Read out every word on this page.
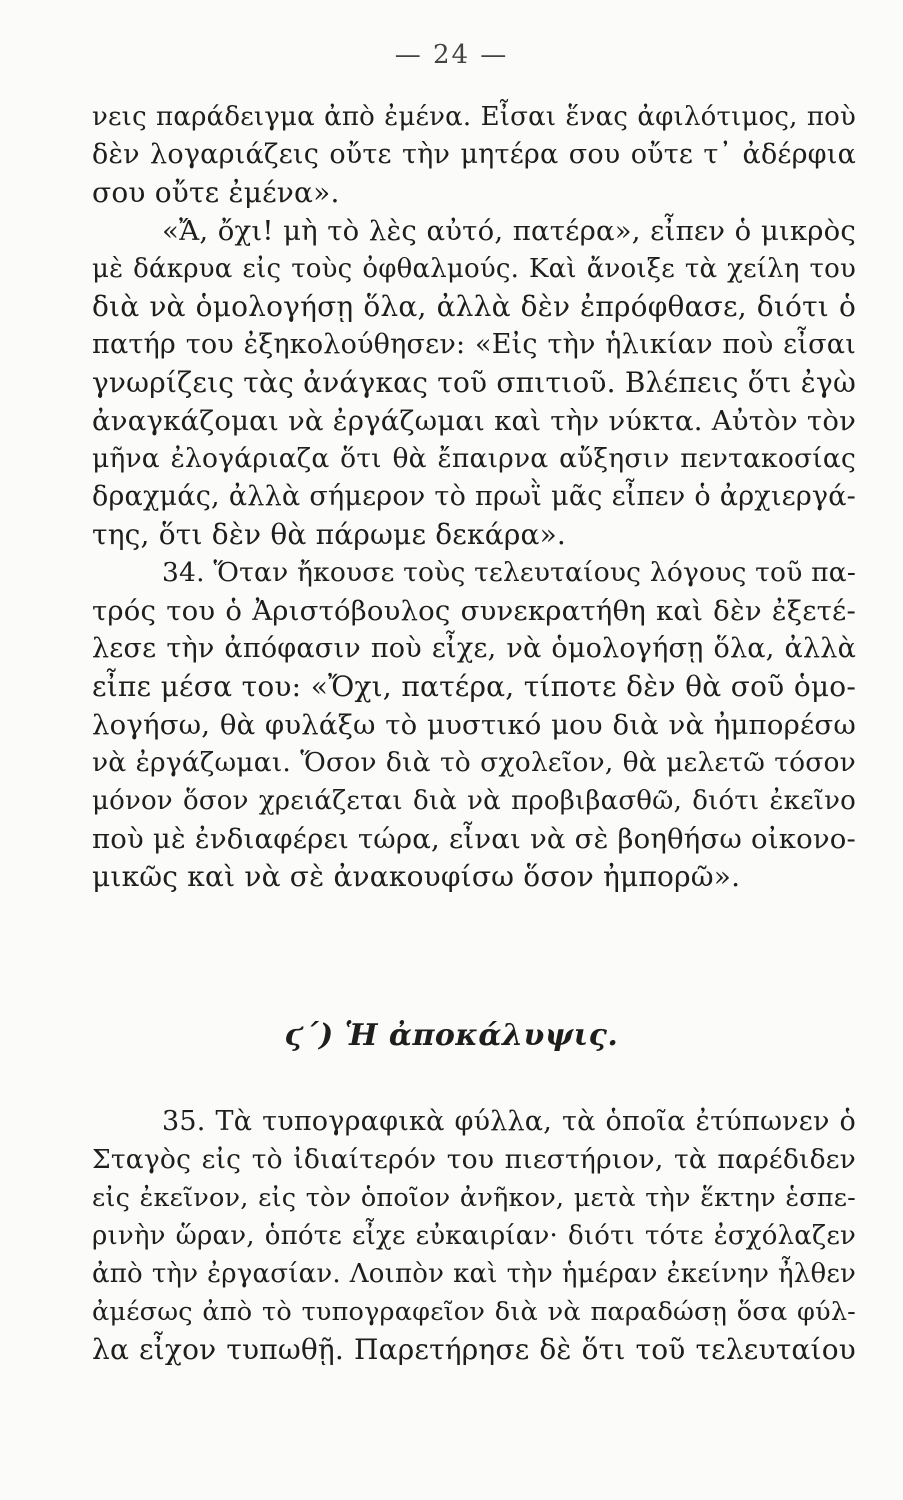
— 24 —
νεις παράδειγμα ἀπὸ ἐμένα. Εἶσαι ἕνας ἀφιλότιμος, ποὺ
δὲν λογαριάζεις οὔτε τὴν μητέρα σου οὔτε τ᾽ ἀδέρφια
σου οὔτε ἐμένα».
«Ἄ, ὄχι! μὴ τὸ λὲς αὐτό, πατέρα», εἶπεν ὁ μικρὸς
μὲ δάκρυα εἰς τοὺς ὀφθαλμούς. Καὶ ἄνοιξε τὰ χείλη του
διὰ νὰ ὁμολογήσῃ ὅλα, ἀλλὰ δὲν ἐπρόφθασε, διότι ὁ
πατήρ του ἐξηκολούθησεν: «Εἰς τὴν ἡλικίαν ποὺ εἶσαι
γνωρίζεις τὰς ἀνάγκας τοῦ σπιτιοῦ. Βλέπεις ὅτι ἐγὼ
ἀναγκάζομαι νὰ ἐργάζωμαι καὶ τὴν νύκτα. Αὐτὸν τὸν
μῆνα ἐλογάριαζα ὅτι θὰ ἔπαιρνα αὔξησιν πεντακοσίας
δραχμάς, ἀλλὰ σήμερον τὸ πρωῒ μᾶς εἶπεν ὁ ἀρχιεργά-
της, ὅτι δὲν θὰ πάρωμε δεκάρα».
34. Ὅταν ἤκουσε τοὺς τελευταίους λόγους τοῦ πα-
τρός του ὁ Ἀριστόβουλος συνεκρατήθη καὶ δὲν ἐξετέ-
λεσε τὴν ἀπόφασιν ποὺ εἶχε, νὰ ὁμολογήσῃ ὅλα, ἀλλὰ
εἶπε μέσα του: «Ὄχι, πατέρα, τίποτε δὲν θὰ σοῦ ὁμο-
λογήσω, θὰ φυλάξω τὸ μυστικό μου διὰ νὰ ἠμπορέσω
νὰ ἐργάζωμαι. Ὅσον διὰ τὸ σχολεῖον, θὰ μελετῶ τόσον
μόνον ὅσον χρειάζεται διὰ νὰ προβιβασθῶ, διότι ἐκεῖνο
ποὺ μὲ ἐνδιαφέρει τώρα, εἶναι νὰ σὲ βοηθήσω οἰκονο-
μικῶς καὶ νὰ σὲ ἀνακουφίσω ὅσον ἠμπορῶ».
ϛ΄) Ἡ ἀποκάλυψις.
35. Τὰ τυπογραφικὰ φύλλα, τὰ ὁποῖα ἐτύπωνεν ὁ
Σταγὸς εἰς τὸ ἰδιαίτερόν του πιεστήριον, τὰ παρέδιδεν
εἰς ἐκεῖνον, εἰς τὸν ὁποῖον ἀνῆκον, μετὰ τὴν ἕκτην ἑσπε-
ρινὴν ὥραν, ὁπότε εἶχε εὐκαιρίαν· διότι τότε ἐσχόλαζεν
ἀπὸ τὴν ἐργασίαν. Λοιπὸν καὶ τὴν ἡμέραν ἐκείνην ἦλθεν
ἀμέσως ἀπὸ τὸ τυπογραφεῖον διὰ νὰ παραδώσῃ ὅσα φύλ-
λα εἶχον τυπωθῇ. Παρετήρησε δὲ ὅτι τοῦ τελευταίου
